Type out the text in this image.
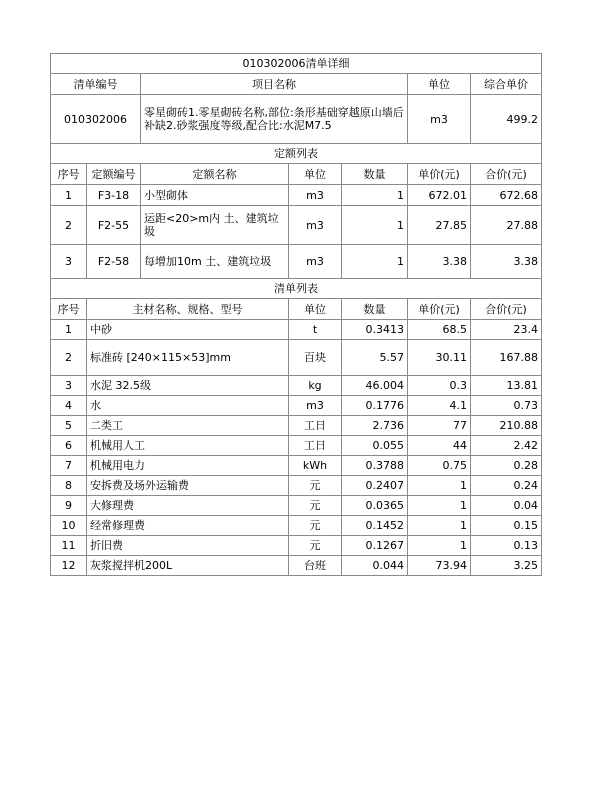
010302006清单详细						
清单编号		项目名称			单位	综合单价
010302006		零星砌砖1.零星砌砖名称,部位:条形基础穿越原山墙后补缺2.砂浆强度等级,配合比:水泥M7.5			m3	499.2
定额列表						
序号	定额编号	定额名称	单位	数量	单价(元)	合价(元)
1	F3-18	小型砌体	m3	1	672.01	672.68
2	F2-55	运距<20>m内 土、建筑垃圾	m3	1	27.85	27.88
3	F2-58	每增加10m 土、建筑垃圾	m3	1	3.38	3.38
清单列表						
序号	主材名称、规格、型号		单位	数量	单价(元)	合价(元)
1	中砂		t	0.3413	68.5	23.4
2	标准砖 [240×115×53]mm		百块	5.57	30.11	167.88
3	水泥 32.5级		kg	46.004	0.3	13.81
4	水		m3	0.1776	4.1	0.73
5	二类工		工日	2.736	77	210.88
6	机械用人工		工日	0.055	44	2.42
7	机械用电力		kWh	0.3788	0.75	0.28
8	安拆费及场外运输费		元	0.2407	1	0.24
9	大修理费		元	0.0365	1	0.04
10	经常修理费		元	0.1452	1	0.15
11	折旧费		元	0.1267	1	0.13
12	灰浆搅拌机200L		台班	0.044	73.94	3.25
